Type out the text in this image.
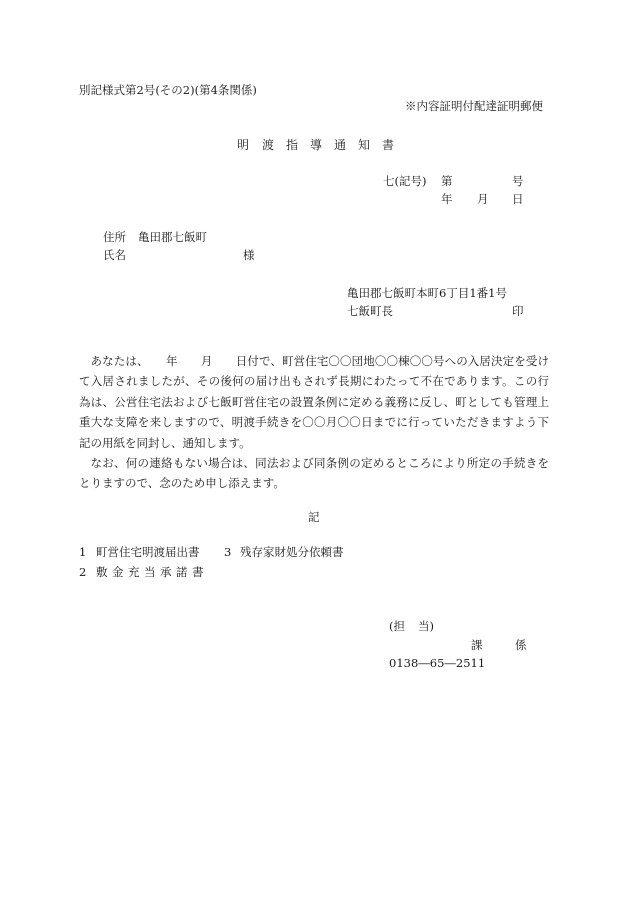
別記様式第2号(その2)(第4条関係)
※内容証明付配達証明郵便
明 渡 指 導 通 知 書
七(記号) 第	号
年 月 日
住所 亀田郡七飯町
氏名	様
亀田郡七飯町本町6丁目1番1号
七飯町長	印

あなたは、　　年　　月　　日付で、町営住宅〇〇団地〇〇棟〇〇号への入居決定を受けて入居されましたが、その後何の届け出もされず長期にわたって不在であります。この行為は、公営住宅法および七飯町営住宅の設置条例に定める義務に反し、町としても管理上重大な支障を来しますので、明渡手続きを〇〇月〇〇日までに行っていただきますよう下記の用紙を同封し、通知します。

なお、何の連絡もない場合は、同法および同条例の定めるところにより所定の手続きをとりますので、念のため申し添えます。

記
1 町営住宅明渡届出書 3 残存家財処分依頼書
2 敷 金 充 当 承 諾 書
(担 当)
課	係
0138―65―2511
